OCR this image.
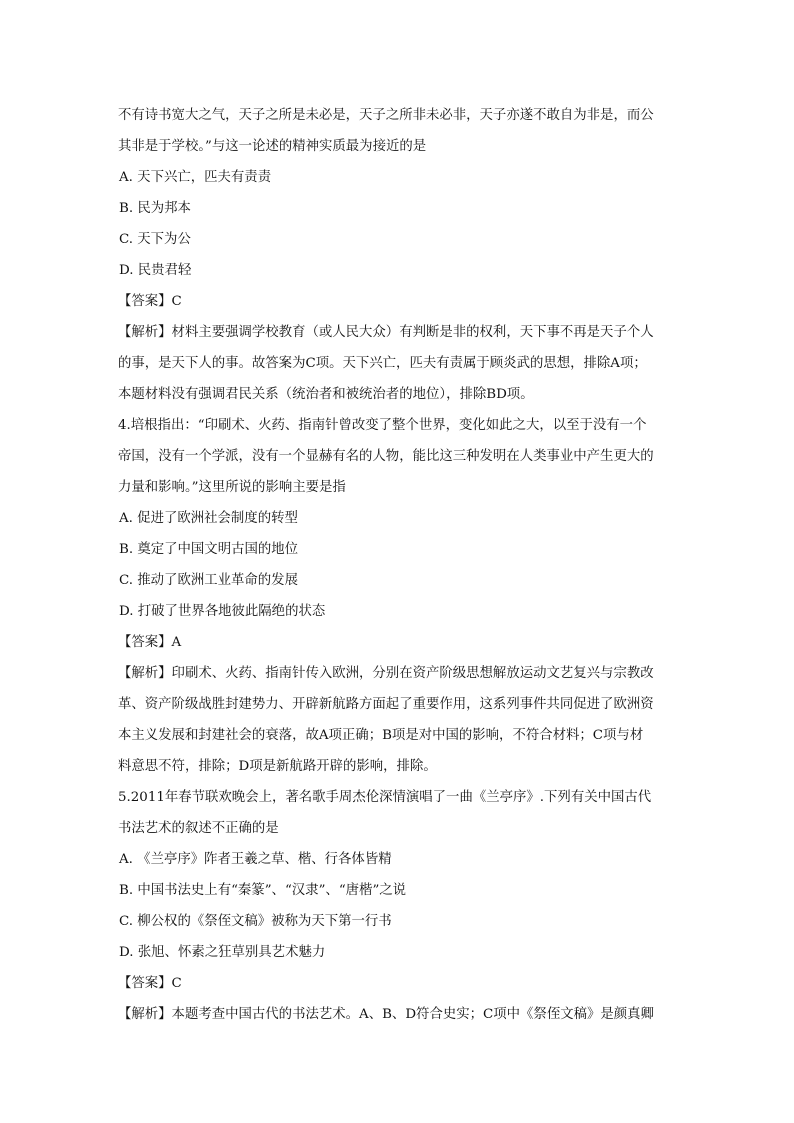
不有诗书宽大之气，天子之所是未必是，天子之所非未必非，天子亦遂不敢自为非是，而公
其非是于学校。”与这一论述的精神实质最为接近的是
A. 天下兴亡，匹夫有责责
B. 民为邦本
C. 天下为公
D. 民贵君轻
【答案】C
【解析】材料主要强调学校教育（或人民大众）有判断是非的权利，天下事不再是天子个人
的事，是天下人的事。故答案为C项。天下兴亡，匹夫有责属于顾炎武的思想，排除A项；
本题材料没有强调君民关系（统治者和被统治者的地位），排除BD项。
4.培根指出：“印刷术、火药、指南针曾改变了整个世界，变化如此之大，以至于没有一个
帝国，没有一个学派，没有一个显赫有名的人物，能比这三种发明在人类事业中产生更大的
力量和影响。”这里所说的影响主要是指
A. 促进了欧洲社会制度的转型
B. 奠定了中国文明古国的地位
C. 推动了欧洲工业革命的发展
D. 打破了世界各地彼此隔绝的状态
【答案】A
【解析】印刷术、火药、指南针传入欧洲，分别在资产阶级思想解放运动文艺复兴与宗教改
革、资产阶级战胜封建势力、开辟新航路方面起了重要作用，这系列事件共同促进了欧洲资
本主义发展和封建社会的衰落，故A项正确；B项是对中国的影响，不符合材料；C项与材
料意思不符，排除；D项是新航路开辟的影响，排除。
5.2011年春节联欢晚会上，著名歌手周杰伦深情演唱了一曲《兰亭序》.下列有关中国古代
书法艺术的叙述不正确的是
A. 《兰亭序》阼者王羲之草、楷、行各体皆精
B. 中国书法史上有“秦篆”、“汉隶”、“唐楷”之说
C. 柳公权的《祭侄文稿》被称为天下第一行书
D. 张旭、怀素之狂草别具艺术魅力
【答案】C
【解析】本题考查中国古代的书法艺术。A、B、D符合史实；C项中《祭侄文稿》是颜真卿
